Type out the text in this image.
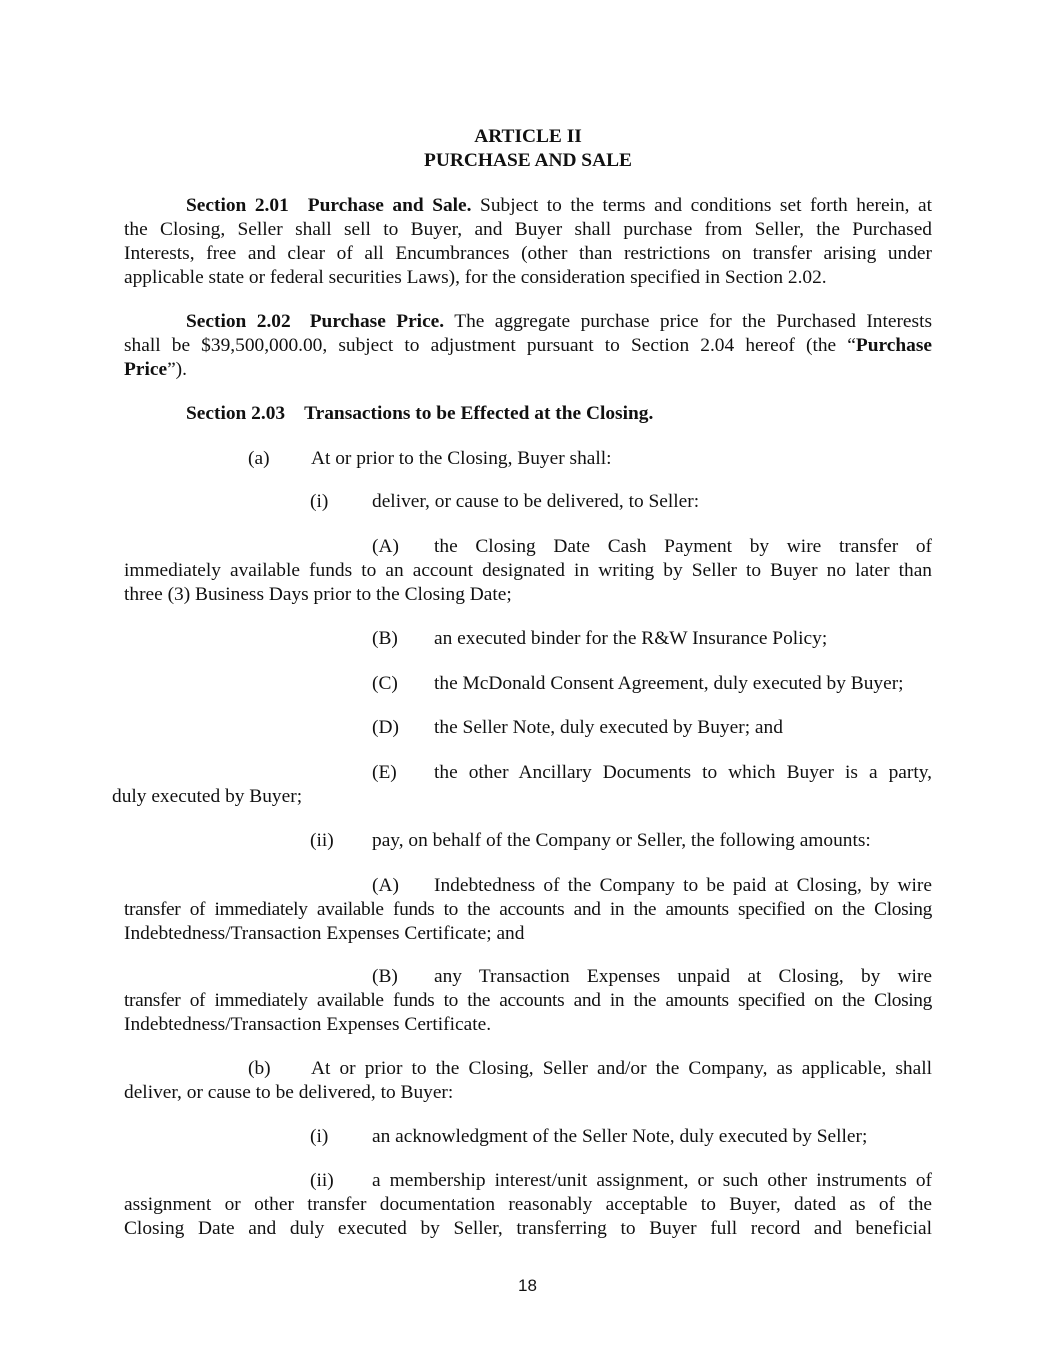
ARTICLE II
PURCHASE AND SALE
Section 2.01 Purchase and Sale. Subject to the terms and conditions set forth herein, at
the Closing, Seller shall sell to Buyer, and Buyer shall purchase from Seller, the Purchased
Interests, free and clear of all Encumbrances (other than restrictions on transfer arising under
applicable state or federal securities Laws), for the consideration specified in Section 2.02.
Section 2.02 Purchase Price. The aggregate purchase price for the Purchased Interests
shall be $39,500,000.00, subject to adjustment pursuant to Section 2.04 hereof (the “Purchase
Price”).
Section 2.03 Transactions to be Effected at the Closing.
(a) At or prior to the Closing, Buyer shall:
(i) deliver, or cause to be delivered, to Seller:
(A) the Closing Date Cash Payment by wire transfer of
immediately available funds to an account designated in writing by Seller to Buyer no later than
three (3) Business Days prior to the Closing Date;
(B) an executed binder for the R&W Insurance Policy;
(C) the McDonald Consent Agreement, duly executed by Buyer;
(D) the Seller Note, duly executed by Buyer; and
(E) the other Ancillary Documents to which Buyer is a party,
duly executed by Buyer;
(ii) pay, on behalf of the Company or Seller, the following amounts:
(A) Indebtedness of the Company to be paid at Closing, by wire
transfer of immediately available funds to the accounts and in the amounts specified on the Closing
Indebtedness/Transaction Expenses Certificate; and
(B) any Transaction Expenses unpaid at Closing, by wire
transfer of immediately available funds to the accounts and in the amounts specified on the Closing
Indebtedness/Transaction Expenses Certificate.
(b) At or prior to the Closing, Seller and/or the Company, as applicable, shall
deliver, or cause to be delivered, to Buyer:
(i) an acknowledgment of the Seller Note, duly executed by Seller;
(ii) a membership interest/unit assignment, or such other instruments of
assignment or other transfer documentation reasonably acceptable to Buyer, dated as of the
Closing Date and duly executed by Seller, transferring to Buyer full record and beneficial
18
